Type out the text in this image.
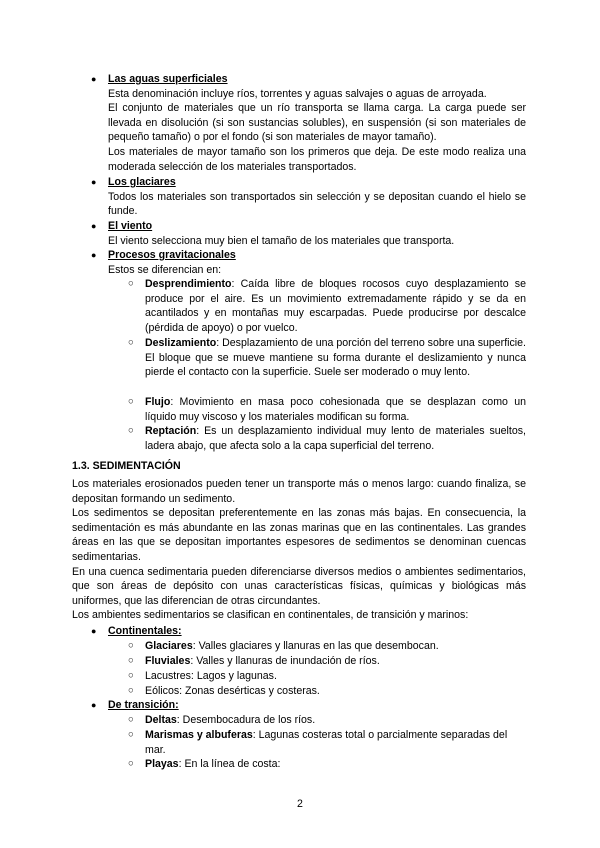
● Las aguas superficiales

Esta denominación incluye ríos, torrentes y aguas salvajes o aguas de arroyada.

El conjunto de materiales que un río transporta se llama carga. La carga puede ser llevada en disolución (si son sustancias solubles), en suspensión (si son materiales de pequeño tamaño) o por el fondo (si son materiales de mayor tamaño).

Los materiales de mayor tamaño son los primeros que deja. De este modo realiza una moderada selección de los materiales transportados.

● Los glaciares

Todos los materiales son transportados sin selección y se depositan cuando el hielo se funde.

● El viento

El viento selecciona muy bien el tamaño de los materiales que transporta.

● Procesos gravitacionales

Estos se diferencian en:

○ Desprendimiento: Caída libre de bloques rocosos cuyo desplazamiento se produce por el aire. Es un movimiento extremadamente rápido y se da en acantilados y en montañas muy escarpadas. Puede producirse por descalce (pérdida de apoyo) o por vuelco.

○ Deslizamiento: Desplazamiento de una porción del terreno sobre una superficie. El bloque que se mueve mantiene su forma durante el deslizamiento y nunca pierde el contacto con la superficie. Suele ser moderado o muy lento.

○ Flujo: Movimiento en masa poco cohesionada que se desplazan como un líquido muy viscoso y los materiales modifican su forma.

○ Reptación: Es un desplazamiento individual muy lento de materiales sueltos, ladera abajo, que afecta solo a la capa superficial del terreno.

1.3. SEDIMENTACIÓN

Los materiales erosionados pueden tener un transporte más o menos largo: cuando finaliza, se depositan formando un sedimento.

Los sedimentos se depositan preferentemente en las zonas más bajas. En consecuencia, la sedimentación es más abundante en las zonas marinas que en las continentales. Las grandes áreas en las que se depositan importantes espesores de sedimentos se denominan cuencas sedimentarias.

En una cuenca sedimentaria pueden diferenciarse diversos medios o ambientes sedimentarios, que son áreas de depósito con unas características físicas, químicas y biológicas más uniformes, que las diferencian de otras circundantes.

Los ambientes sedimentarios se clasifican en continentales, de transición y marinos:

● Continentales:

○ Glaciares: Valles glaciares y llanuras en las que desembocan.

○ Fluviales: Valles y llanuras de inundación de ríos.

○ Lacustres: Lagos y lagunas.

○ Eólicos: Zonas desérticas y costeras.

● De transición:

○ Deltas: Desembocadura de los ríos.

○ Marismas y albuferas: Lagunas costeras total o parcialmente separadas del mar.

○ Playas: En la línea de costa:

2
